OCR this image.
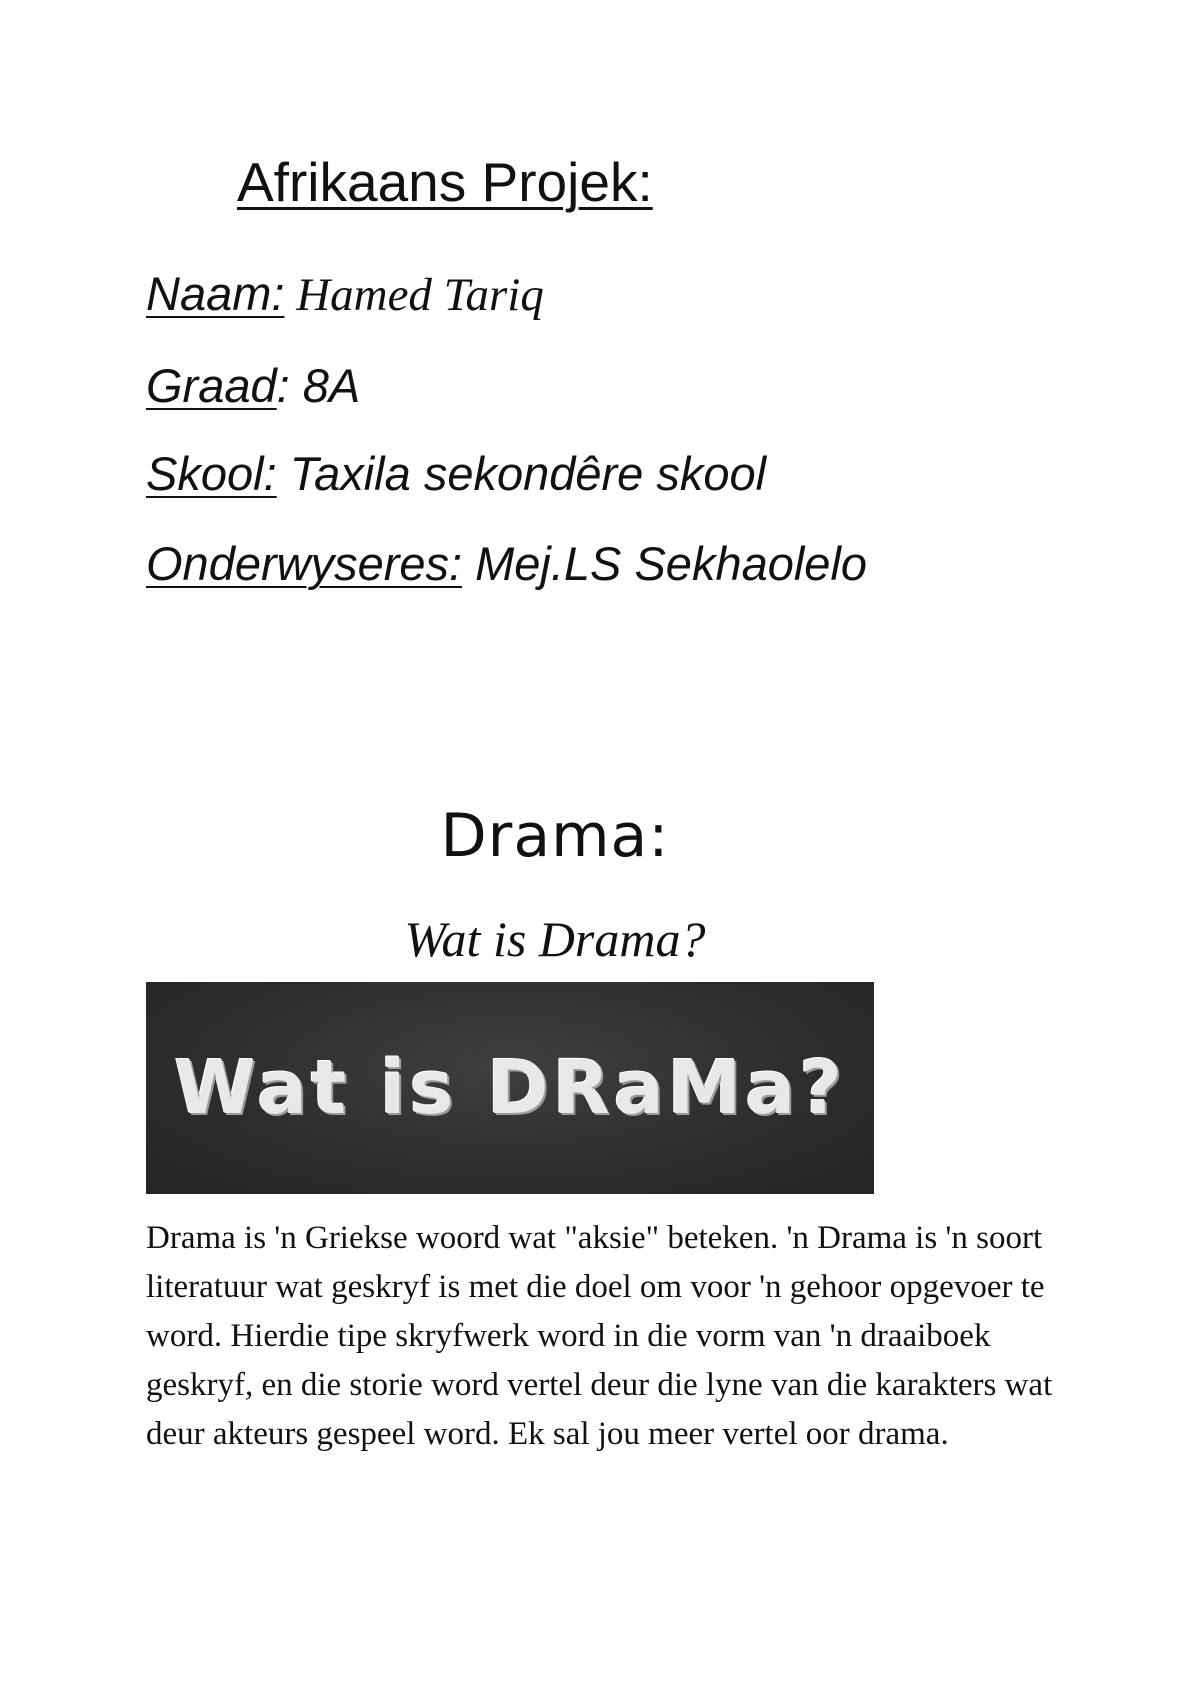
Afrikaans Projek:
Naam: Hamed Tariq
Graad: 8A
Skool: Taxila sekondêre skool
Onderwyseres: Mej.LS Sekhaolelo
Drama:
Wat is Drama?
Wat is DRaMa?

Drama is 'n Griekse woord wat "aksie" beteken. 'n Drama is 'n soort literatuur wat geskryf is met die doel om voor 'n gehoor opgevoer te word. Hierdie tipe skryfwerk word in die vorm van 'n draaiboek geskryf, en die storie word vertel deur die lyne van die karakters wat deur akteurs gespeel word. Ek sal jou meer vertel oor drama.
